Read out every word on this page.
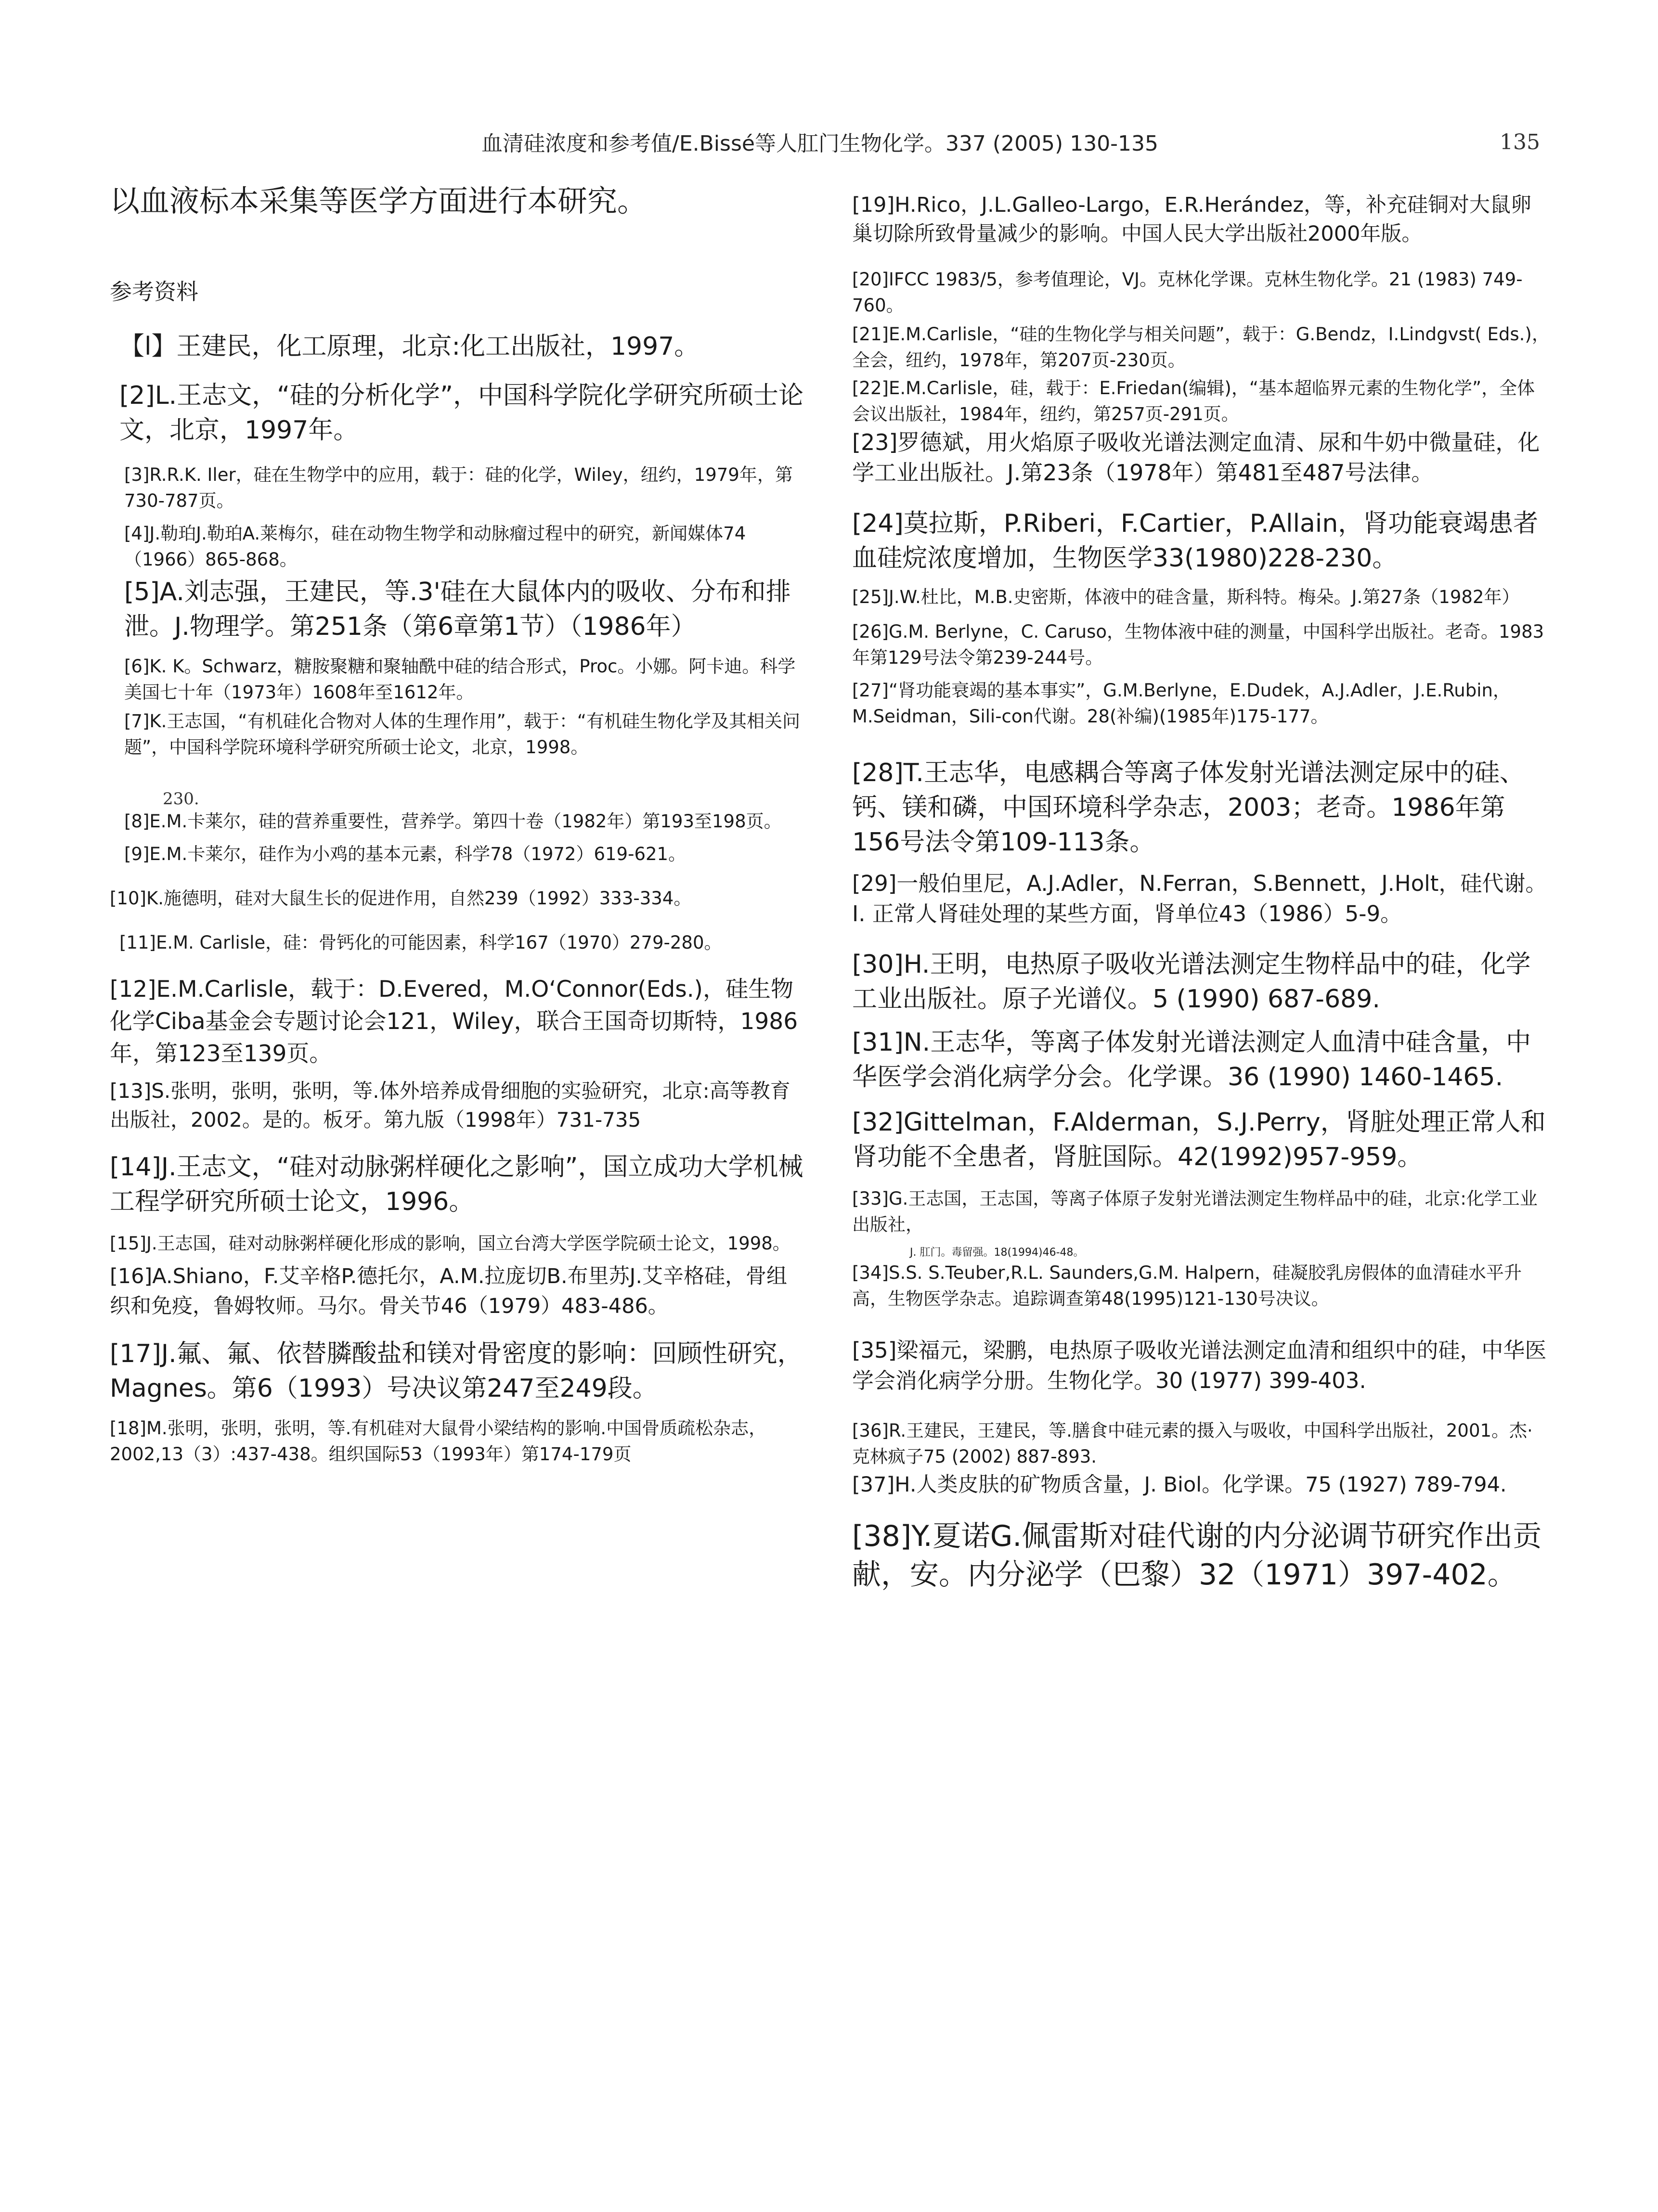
血清硅浓度和参考值/E.Bissé等人肛门生物化学。337 (2005) 130-135	135

以血液标本采集等医学方面进行本研究。

参考资料

【l】王建民，化工原理，北京:化工出版社，1997。

[2]L.王志文，“硅的分析化学”，中国科学院化学研究所硕士论文，北京，1997年。

[3]R.R.K. Iler，硅在生物学中的应用，载于：硅的化学，Wiley，纽约，1979年，第730-787页。

[4]J.勒珀J.勒珀A.莱梅尔，硅在动物生物学和动脉瘤过程中的研究，新闻媒体74（1966）865-868。

[5]A.刘志强，王建民，等.3'硅在大鼠体内的吸收、分布和排泄。J.物理学。第251条（第6章第1节）（1986年）

[6]K. K。Schwarz，糖胺聚糖和聚轴酰中硅的结合形式，Proc。小娜。阿卡迪。科学美国七十年（1973年）1608年至1612年。

[7]K.王志国，“有机硅化合物对人体的生理作用”，载于：“有机硅生物化学及其相关问题”，中国科学院环境科学研究所硕士论文，北京，1998。

230.

[8]E.M.卡莱尔，硅的营养重要性，营养学。第四十卷（1982年）第193至198页。

[9]E.M.卡莱尔，硅作为小鸡的基本元素，科学78（1972）619-621。

[10]K.施德明，硅对大鼠生长的促进作用，自然239（1992）333-334。

[11]E.M. Carlisle，硅：骨钙化的可能因素，科学167（1970）279-280。

[12]E.M.Carlisle，载于：D.Evered，M.O‘Connor(Eds.)，硅生物化学Ciba基金会专题讨论会121，Wiley，联合王国奇切斯特，1986年，第123至139页。

[13]S.张明，张明，张明，等.体外培养成骨细胞的实验研究，北京:高等教育出版社，2002。是的。板牙。第九版（1998年）731-735

[14]J.王志文，“硅对动脉粥样硬化之影响”，国立成功大学机械工程学研究所硕士论文，1996。

[15]J.王志国，硅对动脉粥样硬化形成的影响，国立台湾大学医学院硕士论文，1998。

[16]A.Shiano，F.艾辛格P.德托尔，A.M.拉庞切B.布里苏J.艾辛格硅，骨组织和免疫，鲁姆牧师。马尔。骨关节46（1979）483-486。

[17]J.氟、氟、依替膦酸盐和镁对骨密度的影响：回顾性研究，Magnes。第6（1993）号决议第247至249段。

[18]M.张明，张明，张明，等.有机硅对大鼠骨小梁结构的影响.中国骨质疏松杂志，2002,13（3）:437-438。组织国际53（1993年）第174-179页

[19]H.Rico，J.L.Galleo-Largo，E.R.Herández，等，补充硅铜对大鼠卵巢切除所致骨量减少的影响。中国人民大学出版社2000年版。

[20]IFCC 1983/5，参考值理论，VJ。克林化学课。克林生物化学。21 (1983) 749-760。

[21]E.M.Carlisle，“硅的生物化学与相关问题”，载于：G.Bendz，I.Lindgvst( Eds.)，全会，纽约，1978年，第207页-230页。

[22]E.M.Carlisle，硅，载于：E.Friedan(编辑)，“基本超临界元素的生物化学”，全体会议出版社，1984年，纽约，第257页-291页。

[23]罗德斌，用火焰原子吸收光谱法测定血清、尿和牛奶中微量硅，化学工业出版社。J.第23条（1978年）第481至487号法律。

[24]莫拉斯，P.Riberi，F.Cartier，P.Allain，肾功能衰竭患者血硅烷浓度增加，生物医学33(1980)228-230。

[25]J.W.杜比，M.B.史密斯，体液中的硅含量，斯科特。梅朵。J.第27条（1982年）

[26]G.M. Berlyne，C. Caruso，生物体液中硅的测量，中国科学出版社。老奇。1983年第129号法令第239-244号。

[27]“肾功能衰竭的基本事实”，G.M.Berlyne，E.Dudek，A.J.Adler，J.E.Rubin，M.Seidman，Sili-con代谢。28(补编)(1985年)175-177。

[28]T.王志华，电感耦合等离子体发射光谱法测定尿中的硅、钙、镁和磷，中国环境科学杂志，2003；老奇。1986年第156号法令第109-113条。

[29]一般伯里尼，A.J.Adler，N.Ferran，S.Bennett，J.Holt，硅代谢。I. 正常人肾硅处理的某些方面，肾单位43（1986）5-9。

[30]H.王明，电热原子吸收光谱法测定生物样品中的硅，化学工业出版社。原子光谱仪。5 (1990) 687-689.

[31]N.王志华，等离子体发射光谱法测定人血清中硅含量，中华医学会消化病学分会。化学课。36 (1990) 1460-1465.

[32]Gittelman，F.Alderman，S.J.Perry，肾脏处理正常人和肾功能不全患者，肾脏国际。42(1992)957-959。

[33]G.王志国，王志国，等离子体原子发射光谱法测定生物样品中的硅，北京:化学工业出版社，

J. 肛门。毒留强。18(1994)46-48。

[34]S.S. S.Teuber,R.L. Saunders,G.M. Halpern，硅凝胶乳房假体的血清硅水平升高，生物医学杂志。追踪调查第48(1995)121-130号决议。

[35]梁福元，梁鹏，电热原子吸收光谱法测定血清和组织中的硅，中华医学会消化病学分册。生物化学。30 (1977) 399-403.

[36]R.王建民，王建民，等.膳食中硅元素的摄入与吸收，中国科学出版社，2001。杰·克林疯子75 (2002) 887-893.

[37]H.人类皮肤的矿物质含量，J. Biol。化学课。75 (1927) 789-794.

[38]Y.夏诺G.佩雷斯对硅代谢的内分泌调节研究作出贡献，安。内分泌学（巴黎）32（1971）397-402。
